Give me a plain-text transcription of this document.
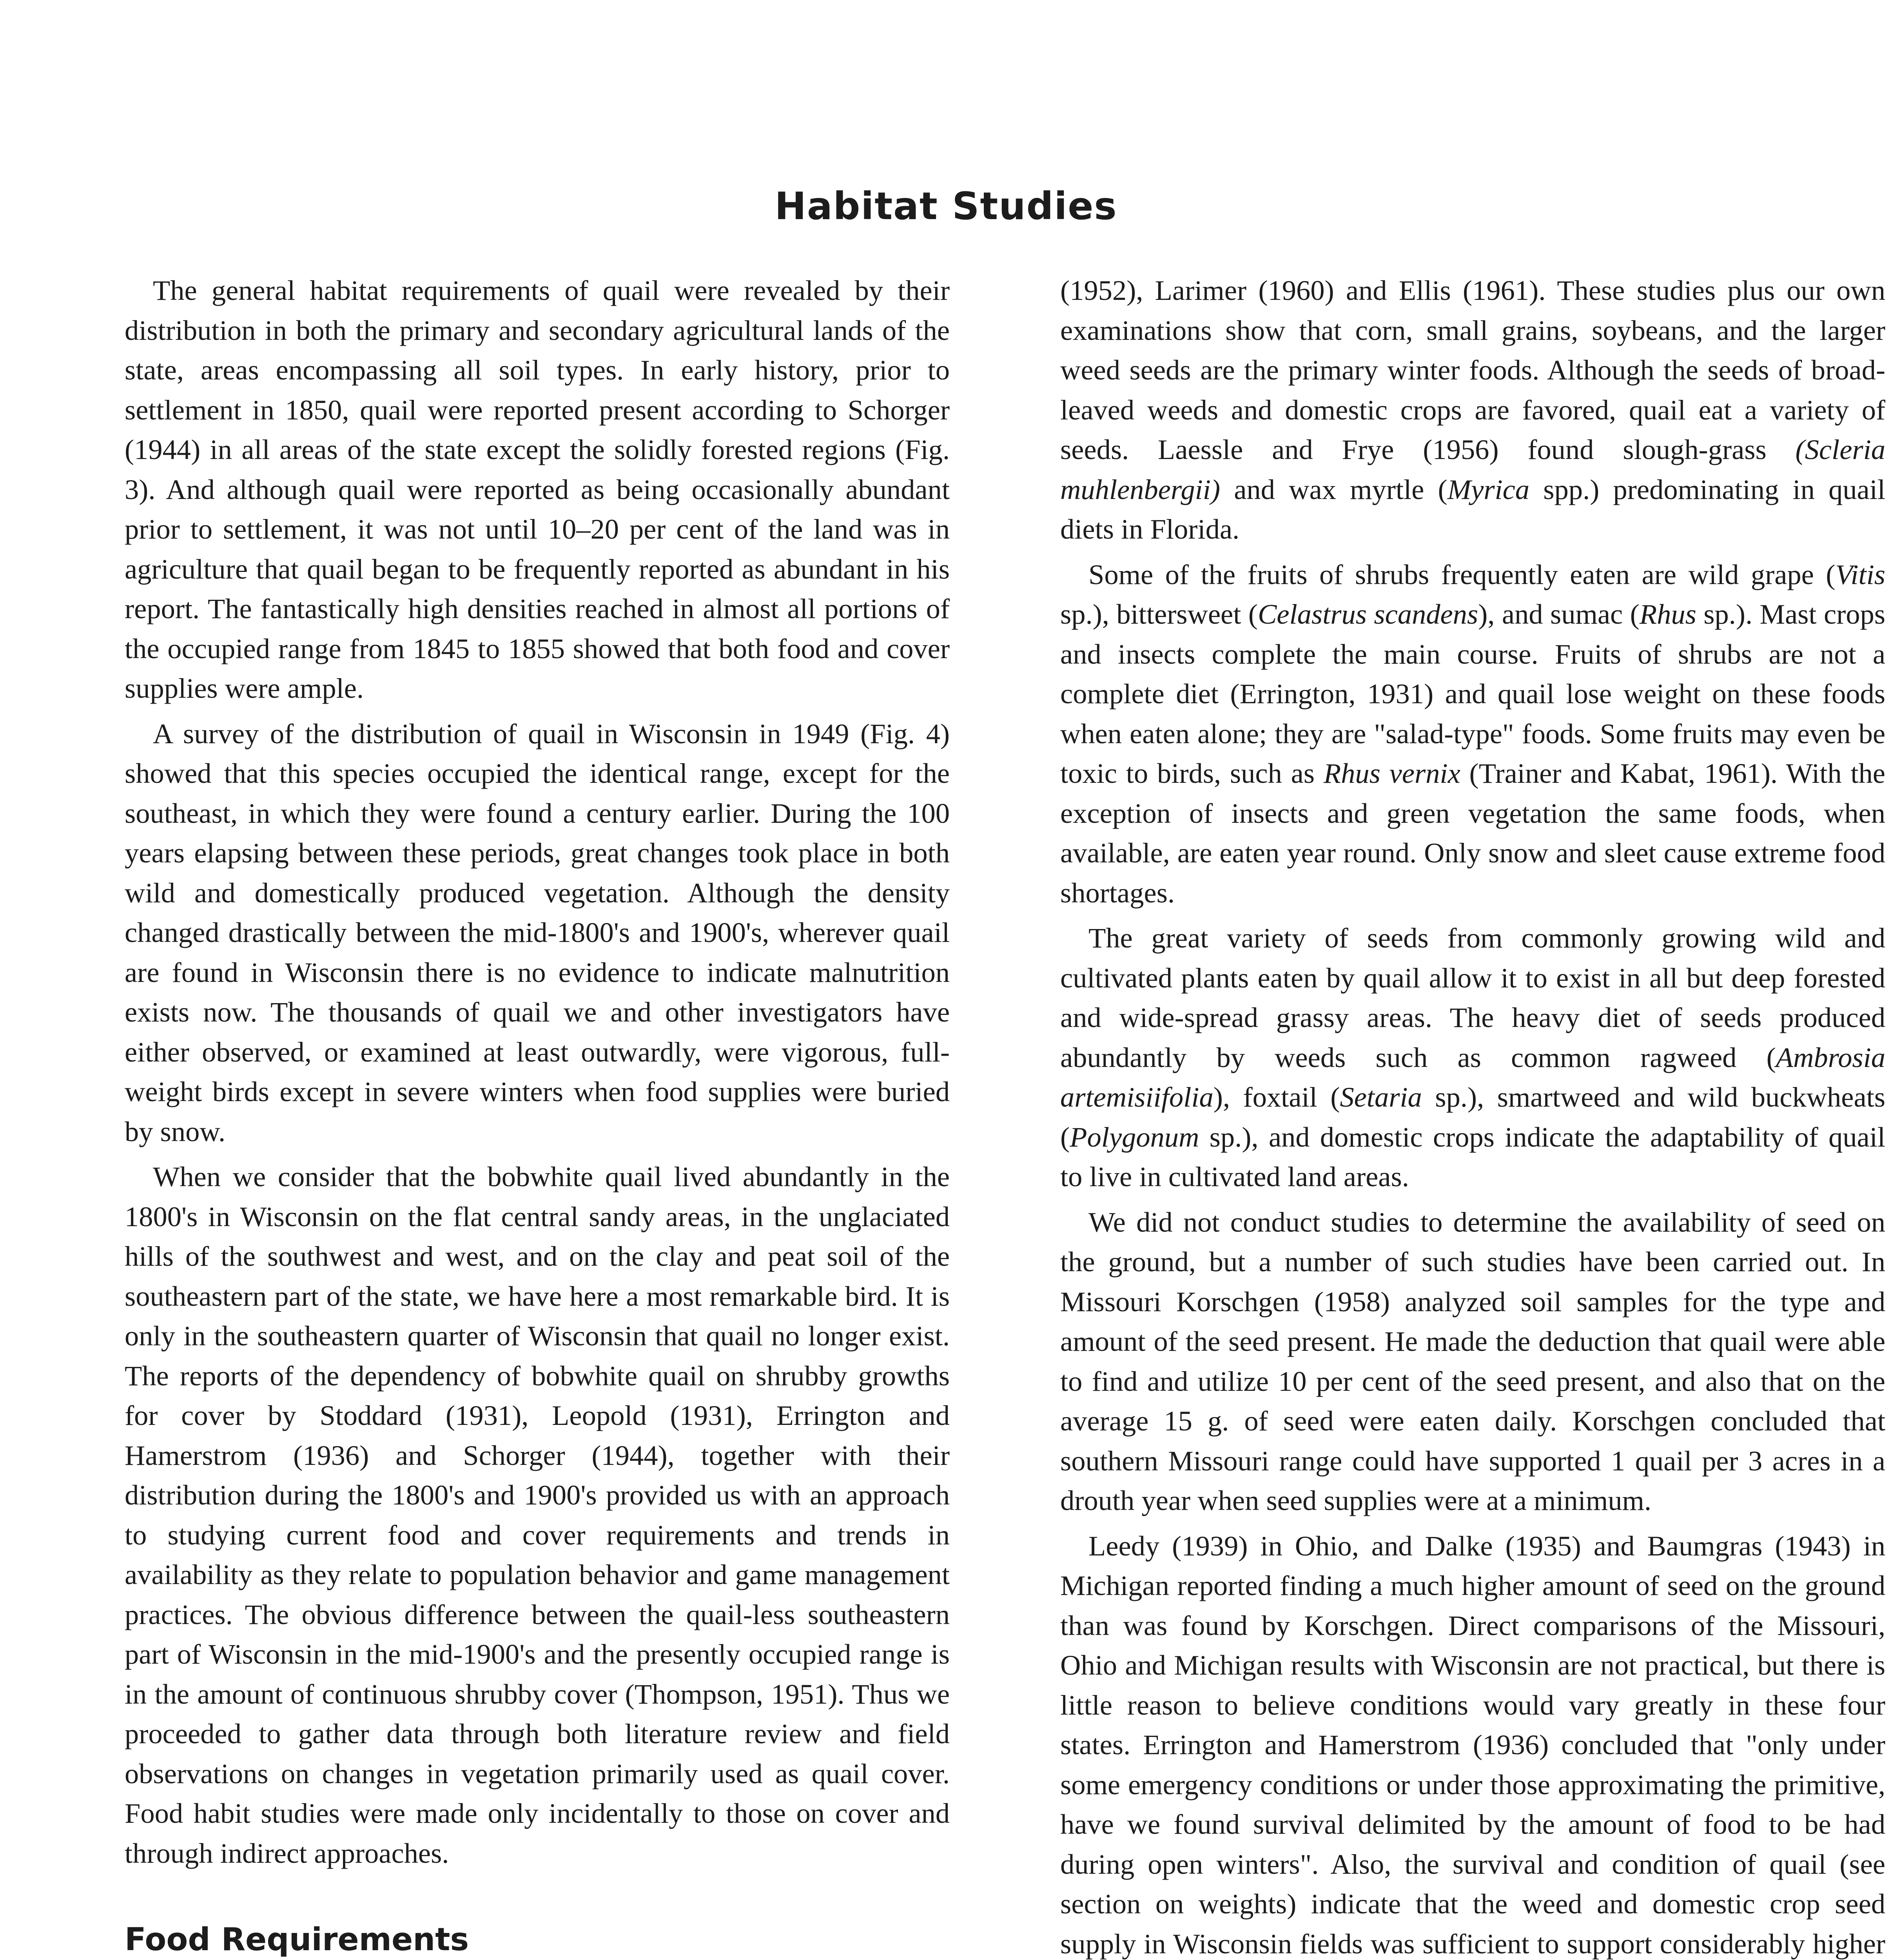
Habitat Studies

The general habitat requirements of quail were revealed by their distribution in both the primary and secondary agricultural lands of the state, areas encompassing all soil types. In early history, prior to settlement in 1850, quail were reported present according to Schorger (1944) in all areas of the state except the solidly forested regions (Fig. 3). And although quail were reported as being occasionally abundant prior to settlement, it was not until 10–20 per cent of the land was in agriculture that quail began to be frequently reported as abundant in his report. The fantastically high densities reached in almost all portions of the occupied range from 1845 to 1855 showed that both food and cover supplies were ample.

A survey of the distribution of quail in Wisconsin in 1949 (Fig. 4) showed that this species occupied the identical range, except for the southeast, in which they were found a century earlier. During the 100 years elapsing between these periods, great changes took place in both wild and domestically produced vegetation. Although the density changed drastically between the mid-1800's and 1900's, wherever quail are found in Wisconsin there is no evidence to indicate malnutrition exists now. The thousands of quail we and other investigators have either observed, or examined at least outwardly, were vigorous, full-weight birds except in severe winters when food supplies were buried by snow.

When we consider that the bobwhite quail lived abundantly in the 1800's in Wisconsin on the flat central sandy areas, in the unglaciated hills of the southwest and west, and on the clay and peat soil of the southeastern part of the state, we have here a most remarkable bird. It is only in the southeastern quarter of Wisconsin that quail no longer exist. The reports of the dependency of bobwhite quail on shrubby growths for cover by Stoddard (1931), Leopold (1931), Errington and Hamerstrom (1936) and Schorger (1944), together with their distribution during the 1800's and 1900's provided us with an approach to studying current food and cover requirements and trends in availability as they relate to population behavior and game management practices. The obvious difference between the quail-less southeastern part of Wisconsin in the mid-1900's and the presently occupied range is in the amount of continuous shrubby cover (Thompson, 1951). Thus we proceeded to gather data through both literature review and field observations on changes in vegetation primarily used as quail cover. Food habit studies were made only incidentally to those on cover and through indirect approaches.

Food Requirements

(1952), Larimer (1960) and Ellis (1961). These studies plus our own examinations show that corn, small grains, soybeans, and the larger weed seeds are the primary winter foods. Although the seeds of broad-leaved weeds and domestic crops are favored, quail eat a variety of seeds. Laessle and Frye (1956) found slough-grass (Scleria muhlenbergii) and wax myrtle (Myrica spp.) predominating in quail diets in Florida.

Some of the fruits of shrubs frequently eaten are wild grape (Vitis sp.), bittersweet (Celastrus scandens), and sumac (Rhus sp.). Mast crops and insects complete the main course. Fruits of shrubs are not a complete diet (Errington, 1931) and quail lose weight on these foods when eaten alone; they are "salad-type" foods. Some fruits may even be toxic to birds, such as Rhus vernix (Trainer and Kabat, 1961). With the exception of insects and green vegetation the same foods, when available, are eaten year round. Only snow and sleet cause extreme food shortages.

The great variety of seeds from commonly growing wild and cultivated plants eaten by quail allow it to exist in all but deep forested and wide-spread grassy areas. The heavy diet of seeds produced abundantly by weeds such as common ragweed (Ambrosia artemisiifolia), foxtail (Setaria sp.), smartweed and wild buckwheats (Polygonum sp.), and domestic crops indicate the adaptability of quail to live in cultivated land areas.

We did not conduct studies to determine the availability of seed on the ground, but a number of such studies have been carried out. In Missouri Korschgen (1958) analyzed soil samples for the type and amount of the seed present. He made the deduction that quail were able to find and utilize 10 per cent of the seed present, and also that on the average 15 g. of seed were eaten daily. Korschgen concluded that southern Missouri range could have supported 1 quail per 3 acres in a drouth year when seed supplies were at a minimum.

Leedy (1939) in Ohio, and Dalke (1935) and Baumgras (1943) in Michigan reported finding a much higher amount of seed on the ground than was found by Korschgen. Direct comparisons of the Missouri, Ohio and Michigan results with Wisconsin are not practical, but there is little reason to believe conditions would vary greatly in these four states. Errington and Hamerstrom (1936) concluded that "only under some emergency conditions or under those approximating the primitive, have we found survival delimited by the amount of food to be had during open winters". Also, the survival and condition of quail (see section on weights) indicate that the weed and domestic crop seed supply in Wisconsin fields was sufficient to support considerably higher
